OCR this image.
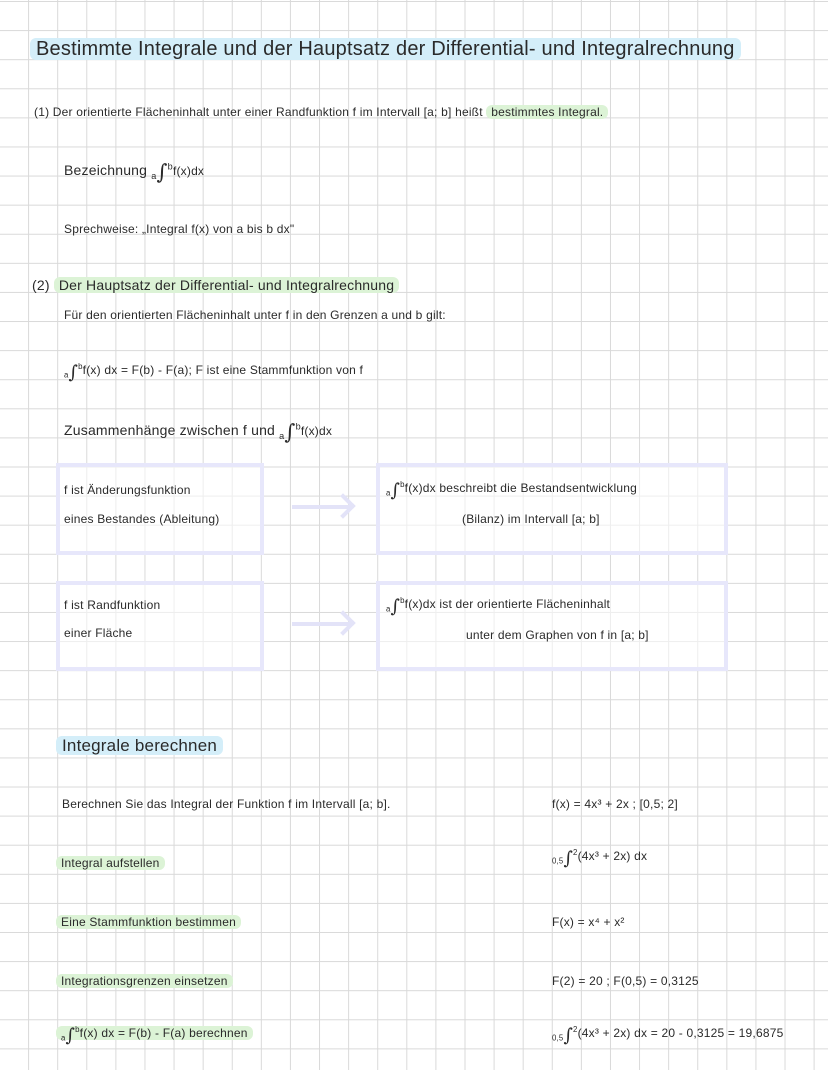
Bestimmte Integrale und der Hauptsatz der Differential- und Integralrechnung
(1) Der orientierte Flächeninhalt unter einer Randfunktion f im Intervall [a; b] heißt bestimmtes Integral.
Bezeichnung $_a$∫$^b$f(x)dx
Sprechweise: „Integral f(x) von a bis b dx"
(2) Der Hauptsatz der Differential- und Integralrechnung
Für den orientierten Flächeninhalt unter f in den Grenzen a und b gilt:
$_a$∫$^b$f(x) dx = F(b) - F(a); F ist eine Stammfunktion von f
Zusammenhänge zwischen f und $_a$∫$^b$f(x)dx
f ist Änderungsfunktion
eines Bestandes (Ableitung)
$_a$∫$^b$f(x)dx beschreibt die Bestandsentwicklung
(Bilanz) im Intervall [a; b]
f ist Randfunktion
einer Fläche
$_a$∫$^b$f(x)dx ist der orientierte Flächeninhalt
unter dem Graphen von f in [a; b]
Integrale berechnen
Berechnen Sie das Integral der Funktion f im Intervall [a; b].	f(x) = 4x³ + 2x ; [0,5; 2]
Integral aufstellen	$_{0,5}$∫$^2$(4x³ + 2x) dx
Eine Stammfunktion bestimmen	F(x) = x⁴ + x²
Integrationsgrenzen einsetzen	F(2) = 20 ; F(0,5) = 0,3125
$_a$∫$^b$f(x) dx = F(b) - F(a) berechnen	$_{0,5}$∫$^2$(4x³ + 2x) dx = 20 - 0,3125 = 19,6875
